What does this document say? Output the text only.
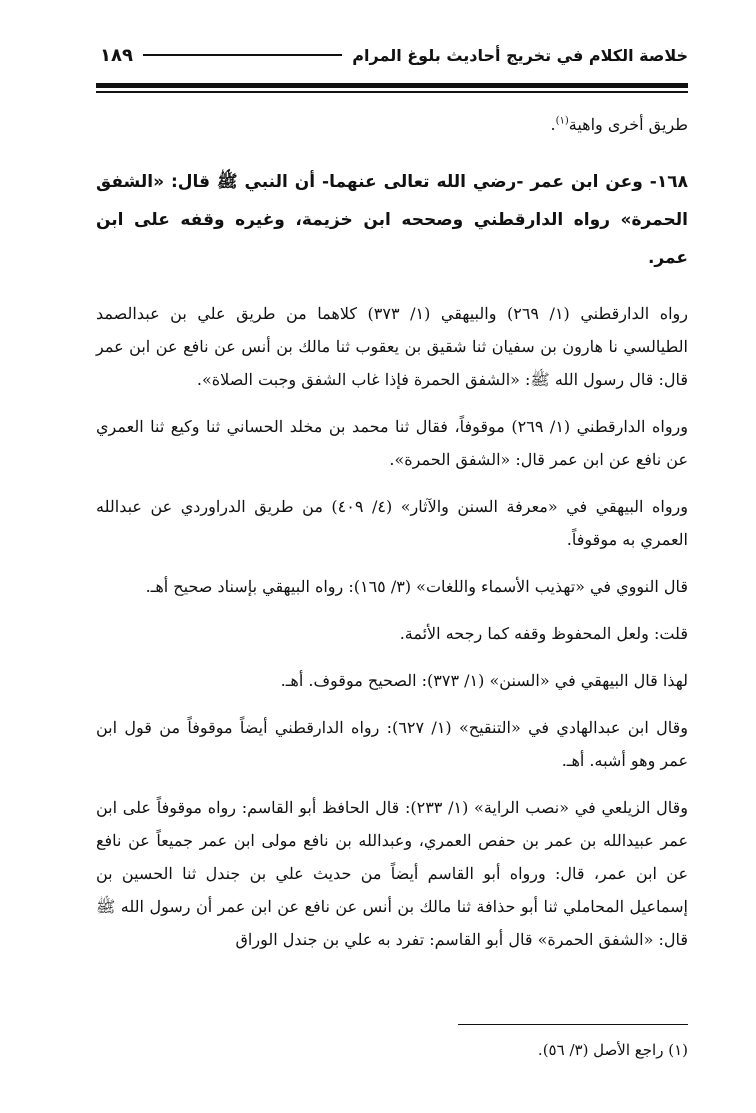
خلاصة الكلام في تخريج أحاديث بلوغ المرام
١٨٩

طريق أخرى واهية$^{(١)}$.

١٦٨- وعن ابن عمر -رضي الله تعالى عنهما- أن النبي ﷺ قال: «الشفق الحمرة» رواه الدارقطني وصححه ابن خزيمة، وغيره وقفه على ابن عمر.

رواه الدارقطني (١/ ٢٦٩) والبيهقي (١/ ٣٧٣) كلاهما من طريق علي بن عبدالصمد الطيالسي نا هارون بن سفيان ثنا شقيق بن يعقوب ثنا مالك بن أنس عن نافع عن ابن عمر قال: قال رسول الله ﷺ: «الشفق الحمرة فإذا غاب الشفق وجبت الصلاة».

ورواه الدارقطني (١/ ٢٦٩) موقوفاً، فقال ثنا محمد بن مخلد الحساني ثنا وكيع ثنا العمري عن نافع عن ابن عمر قال: «الشفق الحمرة».

ورواه البيهقي في «معرفة السنن والآثار» (٤/ ٤٠٩) من طريق الدراوردي عن عبدالله العمري به موقوفاً.

قال النووي في «تهذيب الأسماء واللغات» (٣/ ١٦٥): رواه البيهقي بإسناد صحيح أهـ.

قلت: ولعل المحفوظ وقفه كما رجحه الأئمة.

لهذا قال البيهقي في «السنن» (١/ ٣٧٣): الصحيح موقوف. أهـ.

وقال ابن عبدالهادي في «التنقيح» (١/ ٦٢٧): رواه الدارقطني أيضاً موقوفاً من قول ابن عمر وهو أشبه. أهـ.

وقال الزيلعي في «نصب الراية» (١/ ٢٣٣): قال الحافظ أبو القاسم: رواه موقوفاً على ابن عمر عبيدالله بن عمر بن حفص العمري، وعبدالله بن نافع مولى ابن عمر جميعاً عن نافع عن ابن عمر، قال: ورواه أبو القاسم أيضاً من حديث علي بن جندل ثنا الحسين بن إسماعيل المحاملي ثنا أبو حذافة ثنا مالك بن أنس عن نافع عن ابن عمر أن رسول الله ﷺ قال: «الشفق الحمرة» قال أبو القاسم: تفرد به علي بن جندل الوراق

(١) راجع الأصل (٣/ ٥٦).
